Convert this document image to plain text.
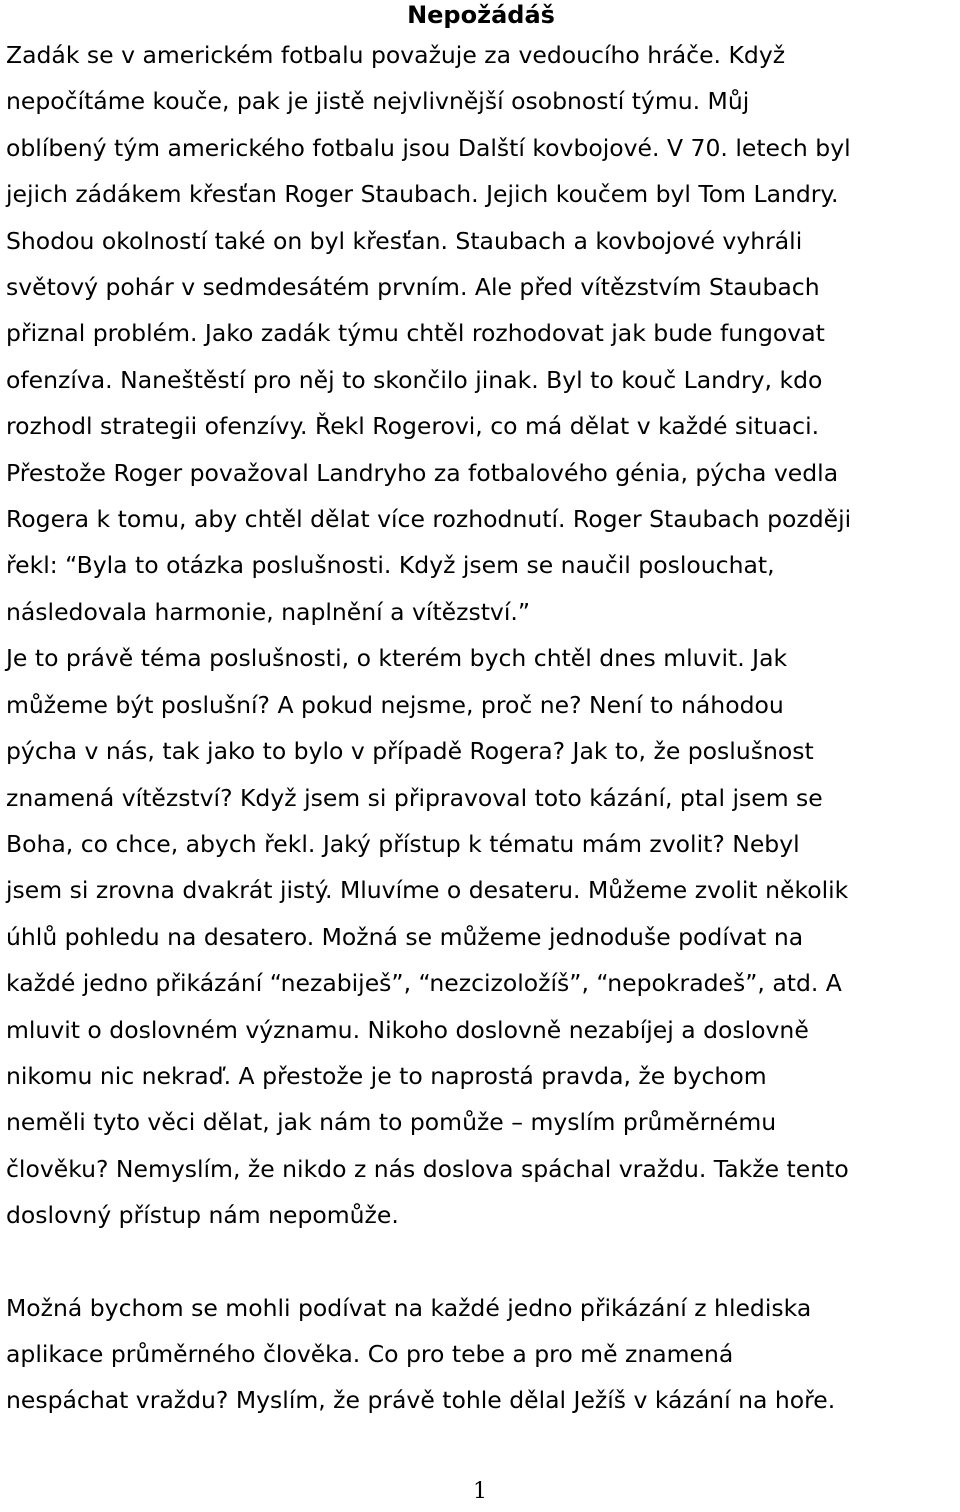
Nepožádáš

Zadák se v americkém fotbalu považuje za vedoucího hráče. Když
nepočítáme kouče, pak je jistě nejvlivnější osobností týmu. Můj
oblíbený tým amerického fotbalu jsou Dalští kovbojové. V 70. letech byl
jejich zádákem křesťan Roger Staubach. Jejich koučem byl Tom Landry.
Shodou okolností také on byl křesťan. Staubach a kovbojové vyhráli
světový pohár v sedmdesátém prvním. Ale před vítězstvím Staubach
přiznal problém. Jako zadák týmu chtěl rozhodovat jak bude fungovat
ofenzíva. Naneštěstí pro něj to skončilo jinak. Byl to kouč Landry, kdo
rozhodl strategii ofenzívy. Řekl Rogerovi, co má dělat v každé situaci.
Přestože Roger považoval Landryho za fotbalového génia, pýcha vedla
Rogera k tomu, aby chtěl dělat více rozhodnutí. Roger Staubach později
řekl: “Byla to otázka poslušnosti. Když jsem se naučil poslouchat,
následovala harmonie, naplnění a vítězství.”

Je to právě téma poslušnosti, o kterém bych chtěl dnes mluvit. Jak
můžeme být poslušní? A pokud nejsme, proč ne? Není to náhodou
pýcha v nás, tak jako to bylo v případě Rogera? Jak to, že poslušnost
znamená vítězství? Když jsem si připravoval toto kázání, ptal jsem se
Boha, co chce, abych řekl. Jaký přístup k tématu mám zvolit? Nebyl
jsem si zrovna dvakrát jistý. Mluvíme o desateru. Můžeme zvolit několik
úhlů pohledu na desatero. Možná se můžeme jednoduše podívat na
každé jedno přikázání “nezabiješ”, “nezcizoložíš”, “nepokradeš”, atd. A
mluvit o doslovném významu. Nikoho doslovně nezabíjej a doslovně
nikomu nic nekraď. A přestože je to naprostá pravda, že bychom
neměli tyto věci dělat, jak nám to pomůže – myslím průměrnému
člověku? Nemyslím, že nikdo z nás doslova spáchal vraždu. Takže tento
doslovný přístup nám nepomůže.

Možná bychom se mohli podívat na každé jedno přikázání z hlediska
aplikace průměrného člověka. Co pro tebe a pro mě znamená
nespáchat vraždu? Myslím, že právě tohle dělal Ježíš v kázání na hoře.

1
